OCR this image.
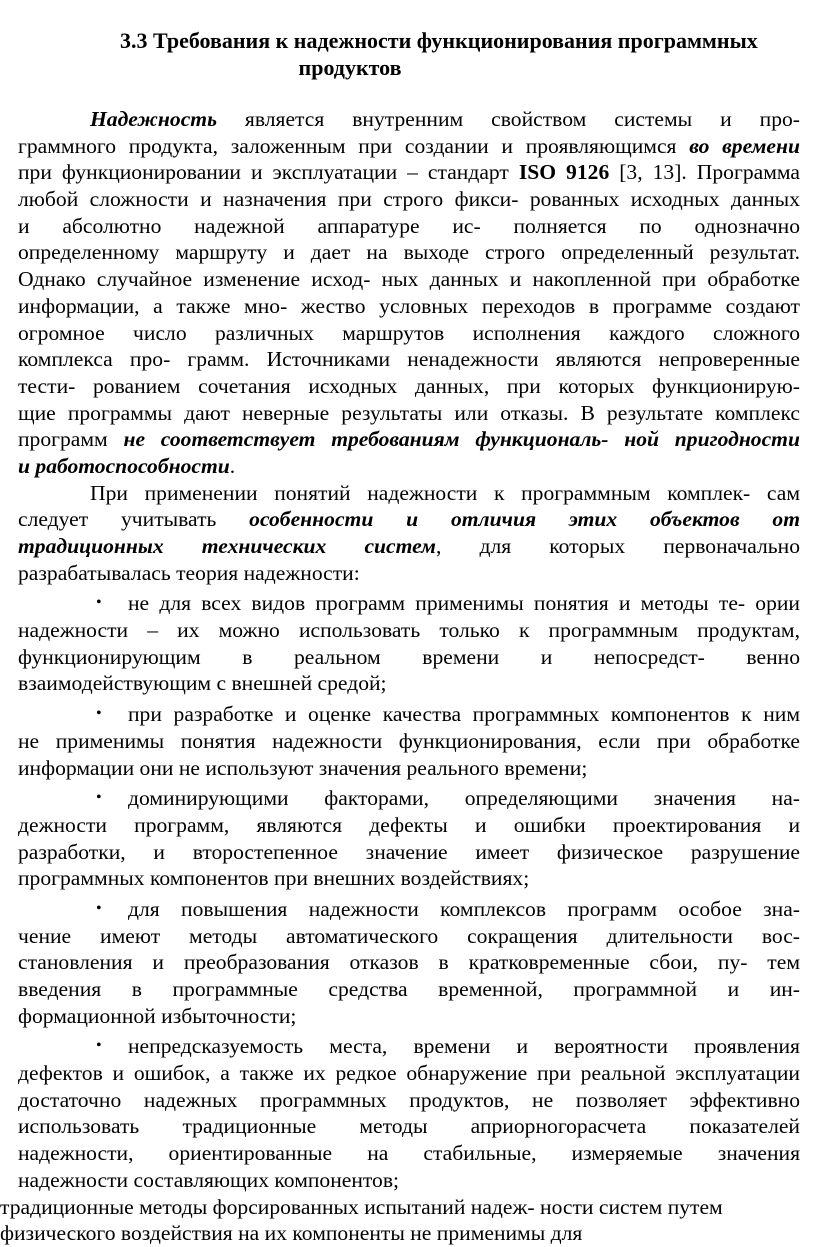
3.3 Требования к надежности функционирования программных
продуктов
Надежность является внутренним свойством системы и про-
граммного продукта, заложенным при создании и проявляющимся во времени
при функционировании и эксплуатации – стандарт ISO 9126 [3, 13]. Программа
любой сложности и назначения при строго фикси- рованных исходных данных
и абсолютно надежной аппаратуре ис- полняется по однозначно
определенному маршруту и дает на выходе строго определенный результат.
Однако случайное изменение исход- ных данных и накопленной при обработке
информации, а также мно- жество условных переходов в программе создают
огромное число различных маршрутов исполнения каждого сложного
комплекса про- грамм. Источниками ненадежности являются непроверенные
тести- рованием сочетания исходных данных, при которых функционирую-
щие программы дают неверные результаты или отказы. В результате комплекс
программ не соответствует требованиям функциональ- ной пригодности
и работоспособности.
При применении понятий надежности к программным комплек- сам
следует учитывать особенности и отличия этих объектов от
традиционных технических систем, для которых первоначально
разрабатывалась теория надежности:
• не для всех видов программ применимы понятия и методы те- ории
надежности – их можно использовать только к программным продуктам,
функционирующим в реальном времени и непосредст- венно
взаимодействующим с внешней средой;
• при разработке и оценке качества программных компонентов к ним
не применимы понятия надежности функционирования, если при обработке
информации они не используют значения реального времени;
• доминирующими факторами, определяющими значения на-
дежности программ, являются дефекты и ошибки проектирования и
разработки, и второстепенное значение имеет физическое разрушение
программных компонентов при внешних воздействиях;
• для повышения надежности комплексов программ особое зна-
чение имеют методы автоматического сокращения длительности вос-
становления и преобразования отказов в кратковременные сбои, пу- тем
введения в программные средства временной, программной и ин-
формационной избыточности;
• непредсказуемость места, времени и вероятности проявления
дефектов и ошибок, а также их редкое обнаружение при реальной эксплуатации
достаточно надежных программных продуктов, не позволяет эффективно
использовать традиционные методы априорногорасчета показателей
надежности, ориентированные на стабильные, измеряемые значения
надежности составляющих компонентов;
традиционные методы форсированных испытаний надеж- ности систем путем
физического воздействия на их компоненты не применимы для
